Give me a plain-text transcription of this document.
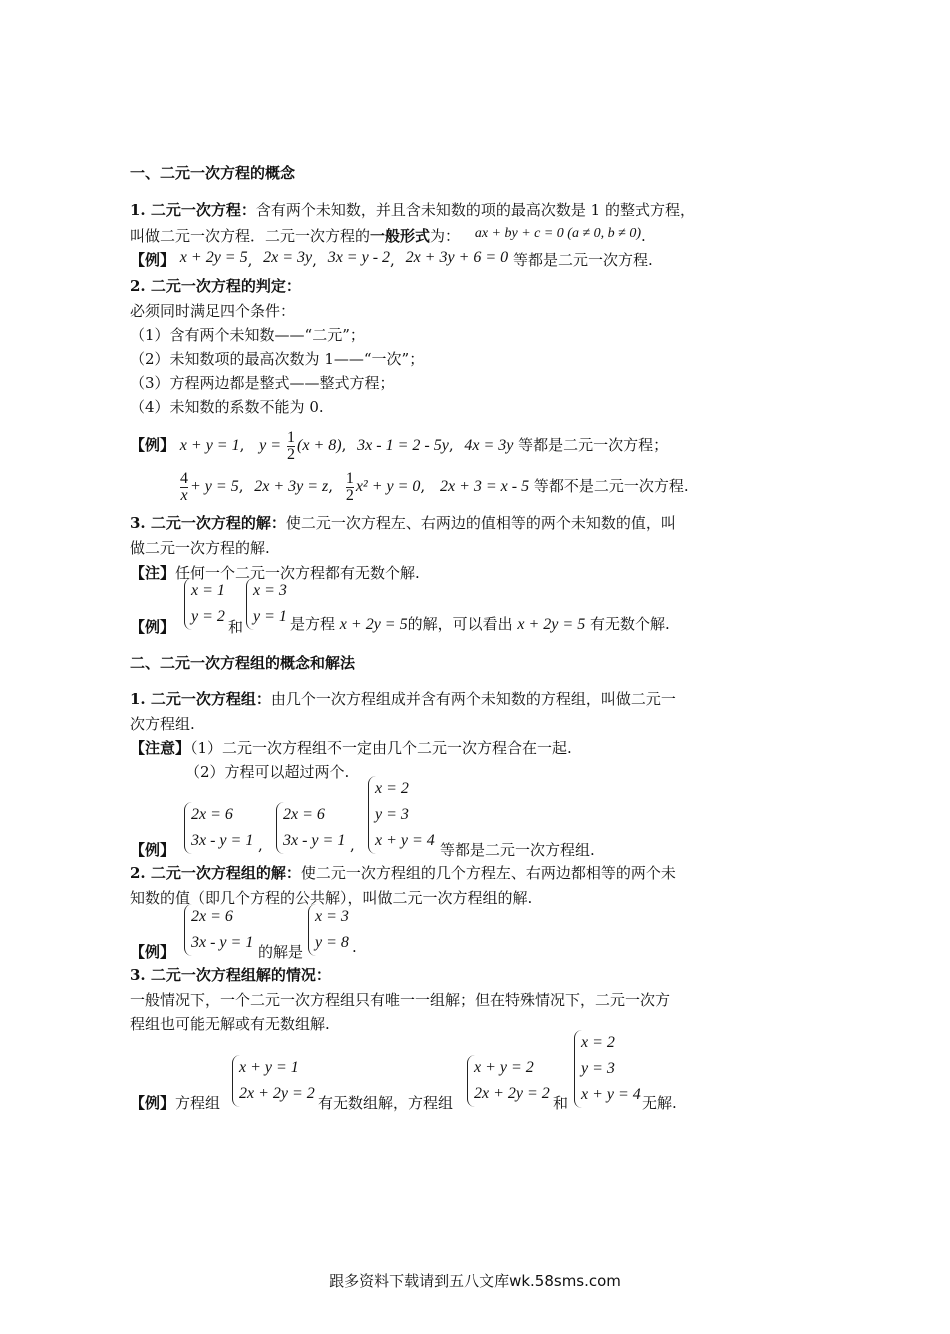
一、二元一次方程的概念
1. 二元一次方程：含有两个未知数，并且含未知数的项的最高次数是 1 的整式方程，
叫做二元一次方程．二元一次方程的一般形式为： ax + by + c = 0 (a ≠ 0, b ≠ 0).
【例】 x + 2y = 5, 2x = 3y, 3x = y - 2, 2x + 3y + 6 = 0 等都是二元一次方程.
2. 二元一次方程的判定：
必须同时满足四个条件：
（1）含有两个未知数——“二元”；
（2）未知数项的最高次数为 1——“一次”；
（3）方程两边都是整式——整式方程；
（4）未知数的系数不能为 0.
【例】 x + y = 1, $y = \frac{1}{2} (x + 8)$, 3x - 1 = 2 - 5y, 4x = 3y 等都是二元一次方程；
$\frac{4}{x} + y = 5$, 2x + 3y = z, $\frac{1}{2} x^2 + y = 0$, 2x + 3 = x - 5 等都不是二元一次方程.
3. 二元一次方程的解：使二元一次方程左、右两边的值相等的两个未知数的值，叫
做二元一次方程的解.
【注】任何一个二元一次方程都有无数个解.
【例】
x = 1
y = 2
和
x = 3
y = 1 是方程 x + 2y = 5的解，可以看出 x + 2y = 5 有无数个解.
二、二元一次方程组的概念和解法
1. 二元一次方程组：由几个一次方程组成并含有两个未知数的方程组，叫做二元一
次方程组.
【注意】（1）二元一次方程组不一定由几个二元一次方程合在一起.
（2）方程可以超过两个.
【例】
2x = 6
3x - y = 1 ,
2x = 6
3x - y = 1 ,
x = 2
y = 3
x + y = 4
等都是二元一次方程组.
2. 二元一次方程组的解：使二元一次方程组的几个方程左、右两边都相等的两个未
知数的值（即几个方程的公共解），叫做二元一次方程组的解.
【例】
2x = 6
3x - y = 1
的解是
x = 3
y = 8 .
3. 二元一次方程组解的情况：
一般情况下，一个二元一次方程组只有唯一一组解；但在特殊情况下，二元一次方
程组也可能无解或有无数组解.
【例】方程组
x + y = 1
2x + 2y = 2
有无数组解，方程组
x + y = 2
2x + 2y = 2
和
x = 2
y = 3
x + y = 4 无解.
跟多资料下载请到五八文库wk.58sms.com
